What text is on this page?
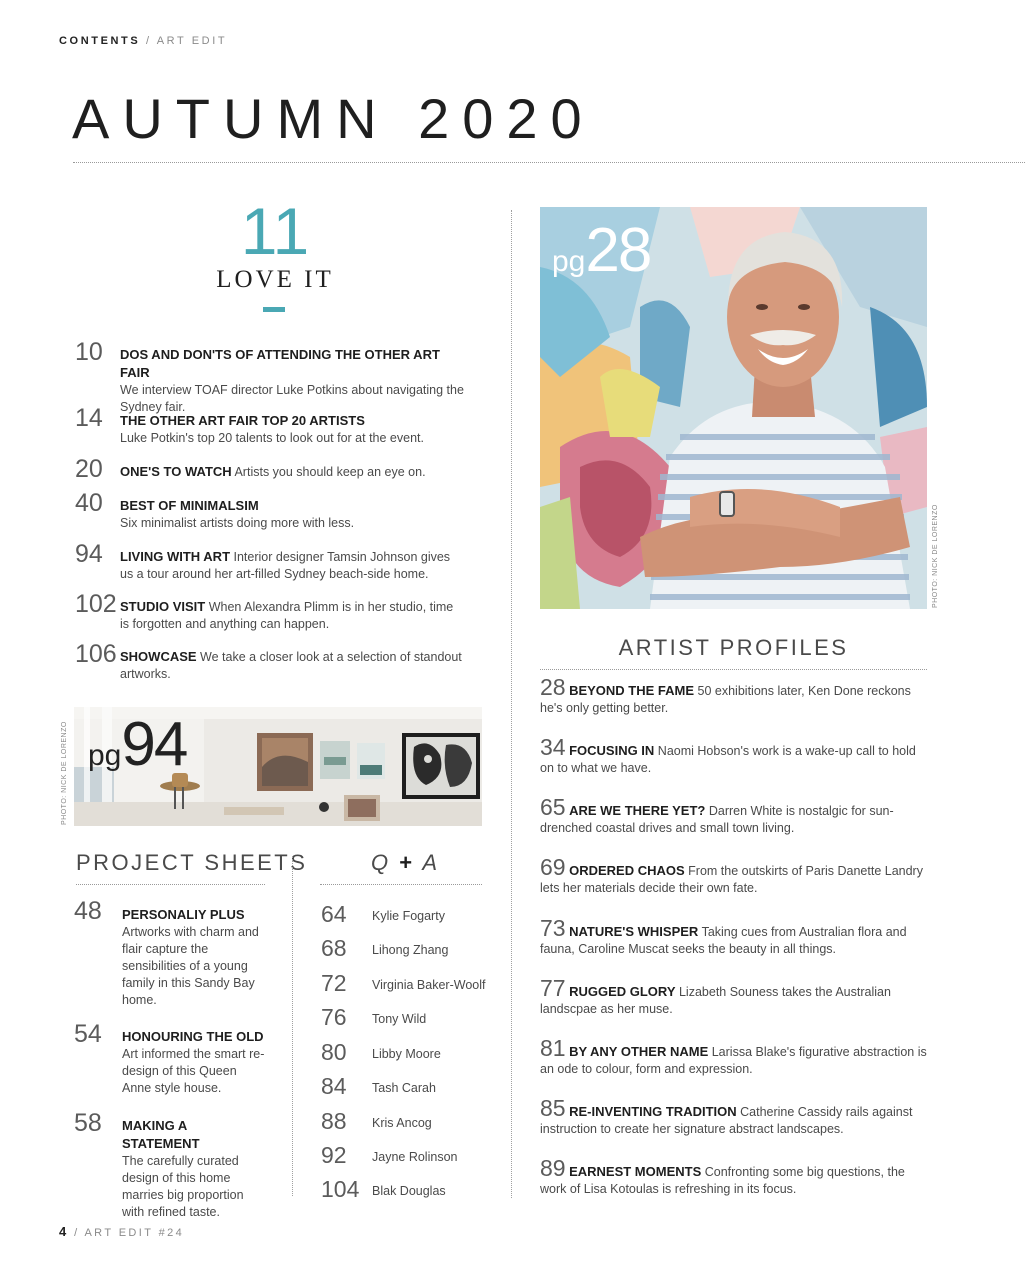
CONTENTS / ART EDIT
AUTUMN 2020
11
LOVE IT
10 DOS AND DON'TS OF ATTENDING THE OTHER ART FAIR
We interview TOAF director Luke Potkins about navigating the Sydney fair.
14 THE OTHER ART FAIR TOP 20 ARTISTS
Luke Potkin's top 20 talents to look out for at the event.
20 ONE'S TO WATCH Artists you should keep an eye on.
40 BEST OF MINIMALSIM
Six minimalist artists doing more with less.
94 LIVING WITH ART Interior designer Tamsin Johnson gives us a tour around her art-filled Sydney beach-side home.
102 STUDIO VISIT When Alexandra Plimm is in her studio, time is forgotten and anything can happen.
106 SHOWCASE We take a closer look at a selection of standout artworks.
PHOTO: NICK DE LORENZO pg94
PROJECT SHEETS
48 PERSONALIY PLUS
Artworks with charm and flair capture the sensibilities of a young family in this Sandy Bay home.
54 HONOURING THE OLD
Art informed the smart re-design of this Queen Anne style house.
58 MAKING A STATEMENT
The carefully curated design of this home marries big proportion with refined taste.
Q + A
64 Kylie Fogarty
68 Lihong Zhang
72 Virginia Baker-Woolf
76 Tony Wild
80 Libby Moore
84 Tash Carah
88 Kris Ancog
92 Jayne Rolinson
104 Blak Douglas
pg28
PHOTO: NICK DE LORENZO
ARTIST PROFILES
28 BEYOND THE FAME 50 exhibitions later, Ken Done reckons he's only getting better.
34 FOCUSING IN Naomi Hobson's work is a wake-up call to hold on to what we have.
65 ARE WE THERE YET? Darren White is nostalgic for sun-drenched coastal drives and small town living.
69 ORDERED CHAOS From the outskirts of Paris Danette Landry lets her materials decide their own fate.
73 NATURE'S WHISPER Taking cues from Australian flora and fauna, Caroline Muscat seeks the beauty in all things.
77 RUGGED GLORY Lizabeth Souness takes the Australian landscpae as her muse.
81 BY ANY OTHER NAME Larissa Blake's figurative abstraction is an ode to colour, form and expression.
85 RE-INVENTING TRADITION Catherine Cassidy rails against instruction to create her signature abstract landscapes.
89 EARNEST MOMENTS Confronting some big questions, the work of Lisa Kotoulas is refreshing in its focus.
4 / ART EDIT #24
